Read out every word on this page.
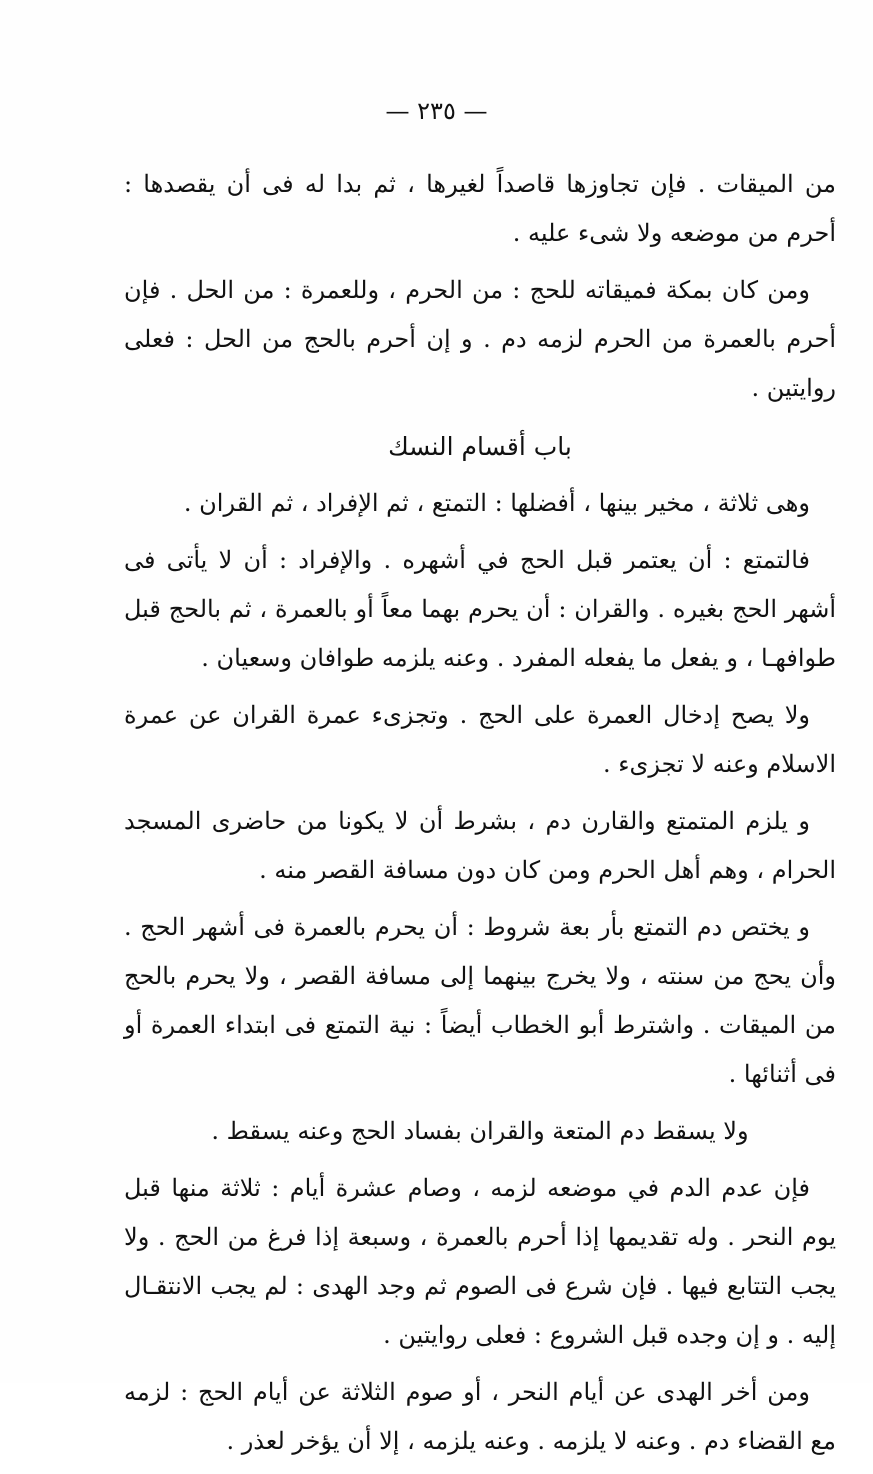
— ٢٣٥ —

من الميقات . فإن تجاوزها قاصداً لغيرها ، ثم بدا له فى أن يقصدها : أحرم من موضعه ولا شىء عليه .

ومن كان بمكة فميقاته للحج : من الحرم ، وللعمرة : من الحل . فإن أحرم بالعمرة من الحرم لزمه دم . و إن أحرم بالحج من الحل : فعلى روايتين .

باب أقسام النسك

وهى ثلاثة ، مخير بينها ، أفضلها : التمتع ، ثم الإفراد ، ثم القران .

فالتمتع : أن يعتمر قبل الحج في أشهره . والإفراد : أن لا يأتى فى أشهر الحج بغيره . والقران : أن يحرم بهما معاً أو بالعمرة ، ثم بالحج قبل طوافهـا ، و يفعل ما يفعله المفرد . وعنه يلزمه طوافان وسعيان .

ولا يصح إدخال العمرة على الحج . وتجزىء عمرة القران عن عمرة الاسلام وعنه لا تجزىء .

و يلزم المتمتع والقارن دم ، بشرط أن لا يكونا من حاضرى المسجد الحرام ، وهم أهل الحرم ومن كان دون مسافة القصر منه .

و يختص دم التمتع بأر بعة شروط : أن يحرم بالعمرة فى أشهر الحج . وأن يحج من سنته ، ولا يخرج بينهما إلى مسافة القصر ، ولا يحرم بالحج من الميقات . واشترط أبو الخطاب أيضاً : نية التمتع فى ابتداء العمرة أو فى أثنائها .

ولا يسقط دم المتعة والقران بفساد الحج وعنه يسقط .

فإن عدم الدم في موضعه لزمه ، وصام عشرة أيام : ثلاثة منها قبل يوم النحر . وله تقديمها إذا أحرم بالعمرة ، وسبعة إذا فرغ من الحج . ولا يجب التتابع فيها . فإن شرع فى الصوم ثم وجد الهدى : لم يجب الانتقـال إليه . و إن وجده قبل الشروع : فعلى روايتين .

ومن أخر الهدى عن أيام النحر ، أو صوم الثلاثة عن أيام الحج : لزمه مع القضاء دم . وعنه لا يلزمه . وعنه يلزمه ، إلا أن يؤخر لعذر .
